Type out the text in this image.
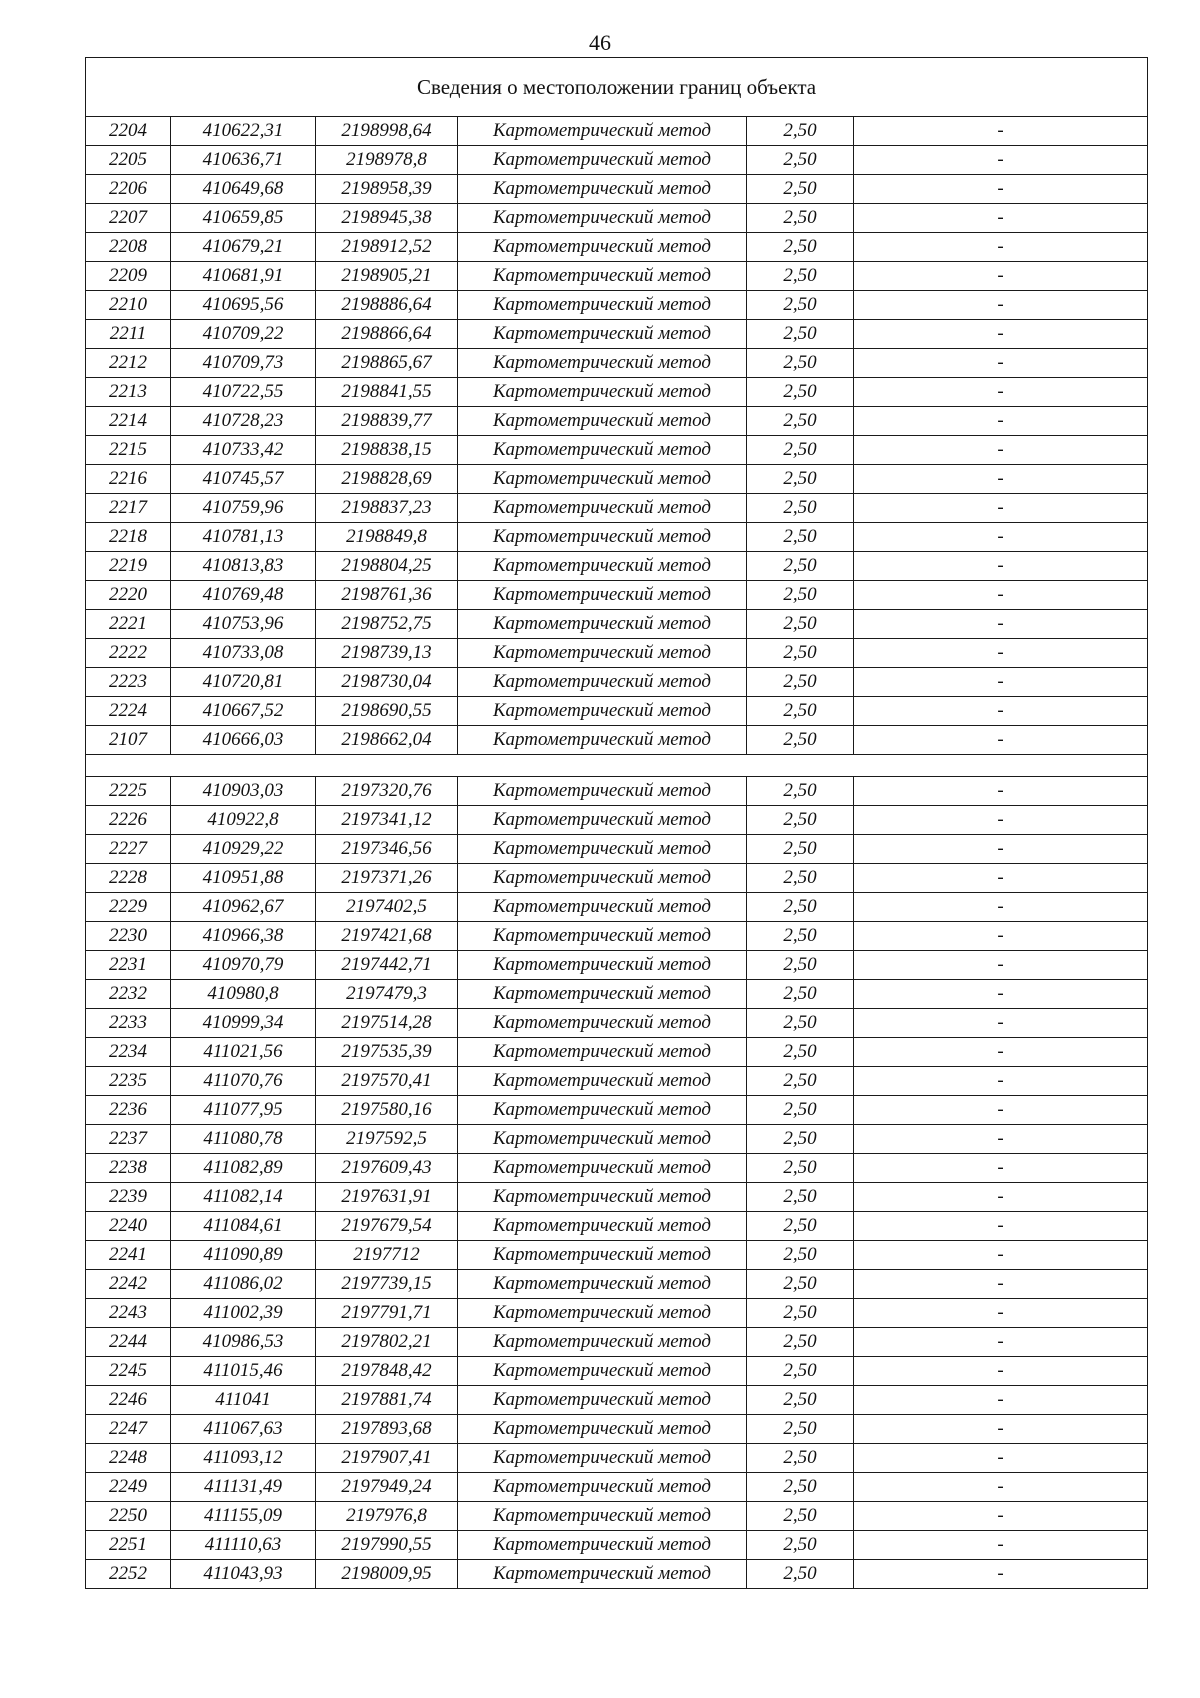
46
Сведения о местоположении границ объекта					
2204	410622,31	2198998,64	Картометрический метод	2,50	-
2205	410636,71	2198978,8	Картометрический метод	2,50	-
2206	410649,68	2198958,39	Картометрический метод	2,50	-
2207	410659,85	2198945,38	Картометрический метод	2,50	-
2208	410679,21	2198912,52	Картометрический метод	2,50	-
2209	410681,91	2198905,21	Картометрический метод	2,50	-
2210	410695,56	2198886,64	Картометрический метод	2,50	-
2211	410709,22	2198866,64	Картометрический метод	2,50	-
2212	410709,73	2198865,67	Картометрический метод	2,50	-
2213	410722,55	2198841,55	Картометрический метод	2,50	-
2214	410728,23	2198839,77	Картометрический метод	2,50	-
2215	410733,42	2198838,15	Картометрический метод	2,50	-
2216	410745,57	2198828,69	Картометрический метод	2,50	-
2217	410759,96	2198837,23	Картометрический метод	2,50	-
2218	410781,13	2198849,8	Картометрический метод	2,50	-
2219	410813,83	2198804,25	Картометрический метод	2,50	-
2220	410769,48	2198761,36	Картометрический метод	2,50	-
2221	410753,96	2198752,75	Картометрический метод	2,50	-
2222	410733,08	2198739,13	Картометрический метод	2,50	-
2223	410720,81	2198730,04	Картометрический метод	2,50	-
2224	410667,52	2198690,55	Картометрический метод	2,50	-
2107	410666,03	2198662,04	Картометрический метод	2,50	-

2225	410903,03	2197320,76	Картометрический метод	2,50	-
2226	410922,8	2197341,12	Картометрический метод	2,50	-
2227	410929,22	2197346,56	Картометрический метод	2,50	-
2228	410951,88	2197371,26	Картометрический метод	2,50	-
2229	410962,67	2197402,5	Картометрический метод	2,50	-
2230	410966,38	2197421,68	Картометрический метод	2,50	-
2231	410970,79	2197442,71	Картометрический метод	2,50	-
2232	410980,8	2197479,3	Картометрический метод	2,50	-
2233	410999,34	2197514,28	Картометрический метод	2,50	-
2234	411021,56	2197535,39	Картометрический метод	2,50	-
2235	411070,76	2197570,41	Картометрический метод	2,50	-
2236	411077,95	2197580,16	Картометрический метод	2,50	-
2237	411080,78	2197592,5	Картометрический метод	2,50	-
2238	411082,89	2197609,43	Картометрический метод	2,50	-
2239	411082,14	2197631,91	Картометрический метод	2,50	-
2240	411084,61	2197679,54	Картометрический метод	2,50	-
2241	411090,89	2197712	Картометрический метод	2,50	-
2242	411086,02	2197739,15	Картометрический метод	2,50	-
2243	411002,39	2197791,71	Картометрический метод	2,50	-
2244	410986,53	2197802,21	Картометрический метод	2,50	-
2245	411015,46	2197848,42	Картометрический метод	2,50	-
2246	411041	2197881,74	Картометрический метод	2,50	-
2247	411067,63	2197893,68	Картометрический метод	2,50	-
2248	411093,12	2197907,41	Картометрический метод	2,50	-
2249	411131,49	2197949,24	Картометрический метод	2,50	-
2250	411155,09	2197976,8	Картометрический метод	2,50	-
2251	411110,63	2197990,55	Картометрический метод	2,50	-
2252	411043,93	2198009,95	Картометрический метод	2,50	-
